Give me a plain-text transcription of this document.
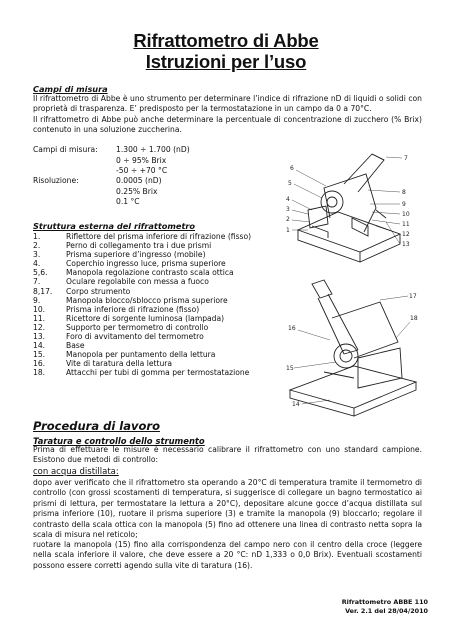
Rifrattometro di Abbe
Istruzioni per l’uso
Campi di misura

Il rifrattometro di Abbe è uno strumento per determinare l’indice di rifrazione nD di liquidi o solidi con proprietà di trasparenza. E’ predisposto per la termostatazione in un campo da 0 a 70°C.

Il rifrattometro di Abbe può anche determinare la percentuale di concentrazione di zucchero (% Brix) contenuto in una soluzione zuccherina.

Campi di misura: 1.300 ÷ 1.700 (nD)
0 ÷ 95% Brix
-50 ÷ +70 °C
Risoluzione:	0.0005 (nD)
0.25% Brix
0.1 °C
Struttura esterna del rifrattometro
1.	Riflettore del prisma inferiore di rifrazione (fisso)
2.	Perno di collegamento tra i due prismi
3.	Prisma superiore d’ingresso (mobile)
4.	Coperchio ingresso luce, prisma superiore
5,6.	Manopola regolazione contrasto scala ottica
7.	Oculare regolabile con messa a fuoco
8,17.	Corpo strumento
9.	Manopola blocco/sblocco prisma superiore
10.	Prisma inferiore di rifrazione (fisso)
11.	Ricettore di sorgente luminosa (lampada)
12.	Supporto per termometro di controllo
13.	Foro di avvitamento del termometro
14.	Base
15.	Manopola per puntamento della lettura
16.	Vite di taratura della lettura
18.	Attacchi per tubi di gomma per termostatazione
7
6
5
4
3
2
1
8
9
10
11
12
13
17
16
18
15
14
Procedura di lavoro
Taratura e controllo dello strumento

Prima di effettuare le misure è necessario calibrare il rifrattometro con uno standard campione. Esistono due metodi di controllo:

con acqua distillata:

dopo aver verificato che il rifrattometro sta operando a 20°C di temperatura tramite il termometro di controllo (con grossi scostamenti di temperatura, si suggerisce di collegare un bagno termostatico ai prismi di lettura, per termostatare la lettura a 20°C), depositare alcune gocce d’acqua distillata sul prisma inferiore (10), ruotare il prisma superiore (3) e tramite la manopola (9) bloccarlo; regolare il contrasto della scala ottica con la manopola (5) fino ad ottenere una linea di contrasto netta sopra la scala di misura nel reticolo;

ruotare la manopola (15) fino alla corrispondenza del campo nero con il centro della croce (leggere nella scala inferiore il valore, che deve essere a 20 °C: nD 1,333 o 0,0 Brix). Eventuali scostamenti possono essere corretti agendo sulla vite di taratura (16).

Rifrattometro ABBE 110
Ver. 2.1 del 28/04/2010
